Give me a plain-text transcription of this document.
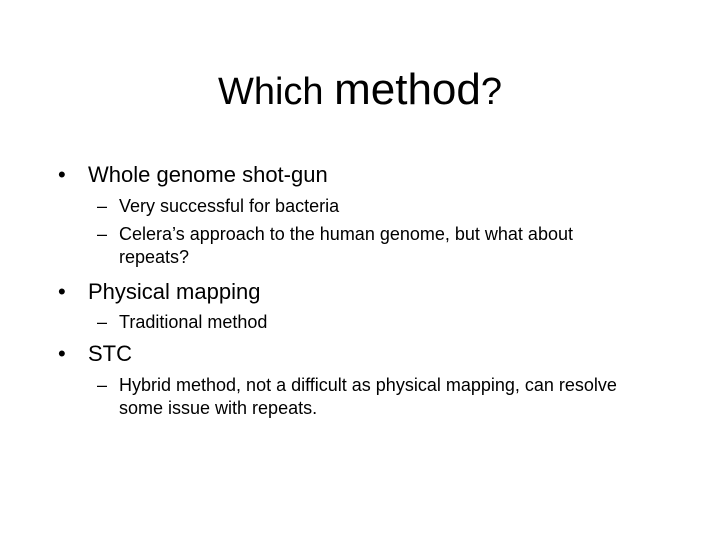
Which method?
• Whole genome shot-gun
– Very successful for bacteria
– Celera’s approach to the human genome, but what about repeats?
• Physical mapping
– Traditional method
• STC
– Hybrid method, not a difficult as physical mapping, can resolve some issue with repeats.
